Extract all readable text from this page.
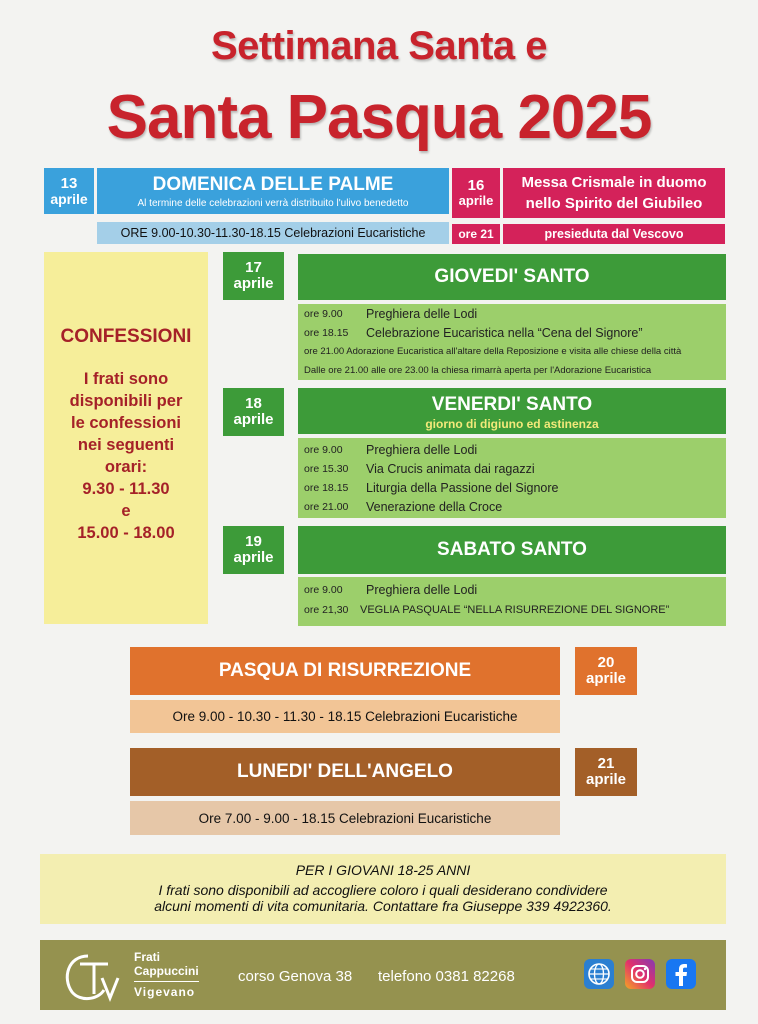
Settimana Santa e
Santa Pasqua 2025
13
aprile
DOMENICA DELLE PALME
Al termine delle celebrazioni verrà distribuito l'ulivo benedetto
ORE 9.00-10.30-11.30-18.15 Celebrazioni Eucaristiche
16
aprile
Messa Crismale in duomo
nello Spirito del Giubileo
ore 21	presieduta dal Vescovo
CONFESSIONI
I frati sono
disponibili per
le confessioni
nei seguenti
orari:
9.30 - 11.30
e
15.00 - 18.00
17
aprile	GIOVEDI' SANTO
ore 9.00	Preghiera delle Lodi
ore 18.15	Celebrazione Eucaristica nella “Cena del Signore”
ore 21.00 Adorazione Eucaristica all'altare della Reposizione e visita alle chiese della città
Dalle ore 21.00 alle ore 23.00 la chiesa rimarrà aperta per l'Adorazione Eucaristica
18
aprile
VENERDI' SANTO
giorno di digiuno ed astinenza
ore 9.00	Preghiera delle Lodi
ore 15.30	Via Crucis animata dai ragazzi
ore 18.15	Liturgia della Passione del Signore
ore 21.00	Venerazione della Croce
19
aprile	SABATO SANTO
ore 9.00	Preghiera delle Lodi
ore 21,30	VEGLIA PASQUALE “NELLA RISURREZIONE DEL SIGNORE”
PASQUA DI RISURREZIONE
Ore 9.00 - 10.30 - 11.30 - 18.15 Celebrazioni Eucaristiche
20
aprile
LUNEDI' DELL'ANGELO
Ore 7.00 - 9.00 - 18.15 Celebrazioni Eucaristiche
21
aprile
PER I GIOVANI 18-25 ANNI
I frati sono disponibili ad accogliere coloro i quali desiderano condividere
alcuni momenti di vita comunitaria. Contattare fra Giuseppe 339 4922360.
Frati
Cappuccini
Vigevano
corso Genova 38 telefono 0381 82268
